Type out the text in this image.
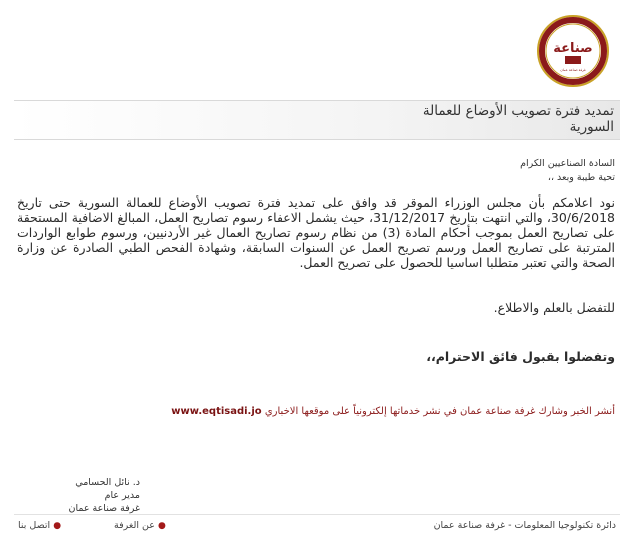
صناعة
غرفة صناعة عمان
تمديد فترة تصويب الأوضاع للعمالة
السورية
السادة الصناعيين الكرام
تحية طيبة وبعد ،،
نود اعلامكم بأن مجلس الوزراء الموقر قد وافق على تمديد فترة تصويب الأوضاع للعمالة السورية حتى تاريخ 30/6/2018، والتي انتهت بتاريخ 31/12/2017، حيث يشمل الاعفاء رسوم تصاريح العمل، المبالغ الاضافية المستحقة على تصاريح العمل بموجب أحكام المادة (3) من نظام رسوم تصاريح العمال غير الأردنيين، ورسوم طوابع الواردات المترتبة على تصاريح العمل ورسم تصريح العمل عن السنوات السابقة، وشهادة الفحص الطبي الصادرة عن وزارة الصحة والتي تعتبر متطلبا اساسيا للحصول على تصريح العمل.
للتفضل بالعلم والاطلاع.
وتفضلوا بقبول فائق الاحترام،،
أنشر الخبر وشارك غرفة صناعة عمان في نشر خدماتها إلكترونياً على موقعها الاخباري www.eqtisadi.jo
د. نائل الحسامي
مدير عام
غرفة صناعة عمان
دائرة تكنولوجيا المعلومات - غرفة صناعة عمان
● عن الغرفة
● اتصل بنا
